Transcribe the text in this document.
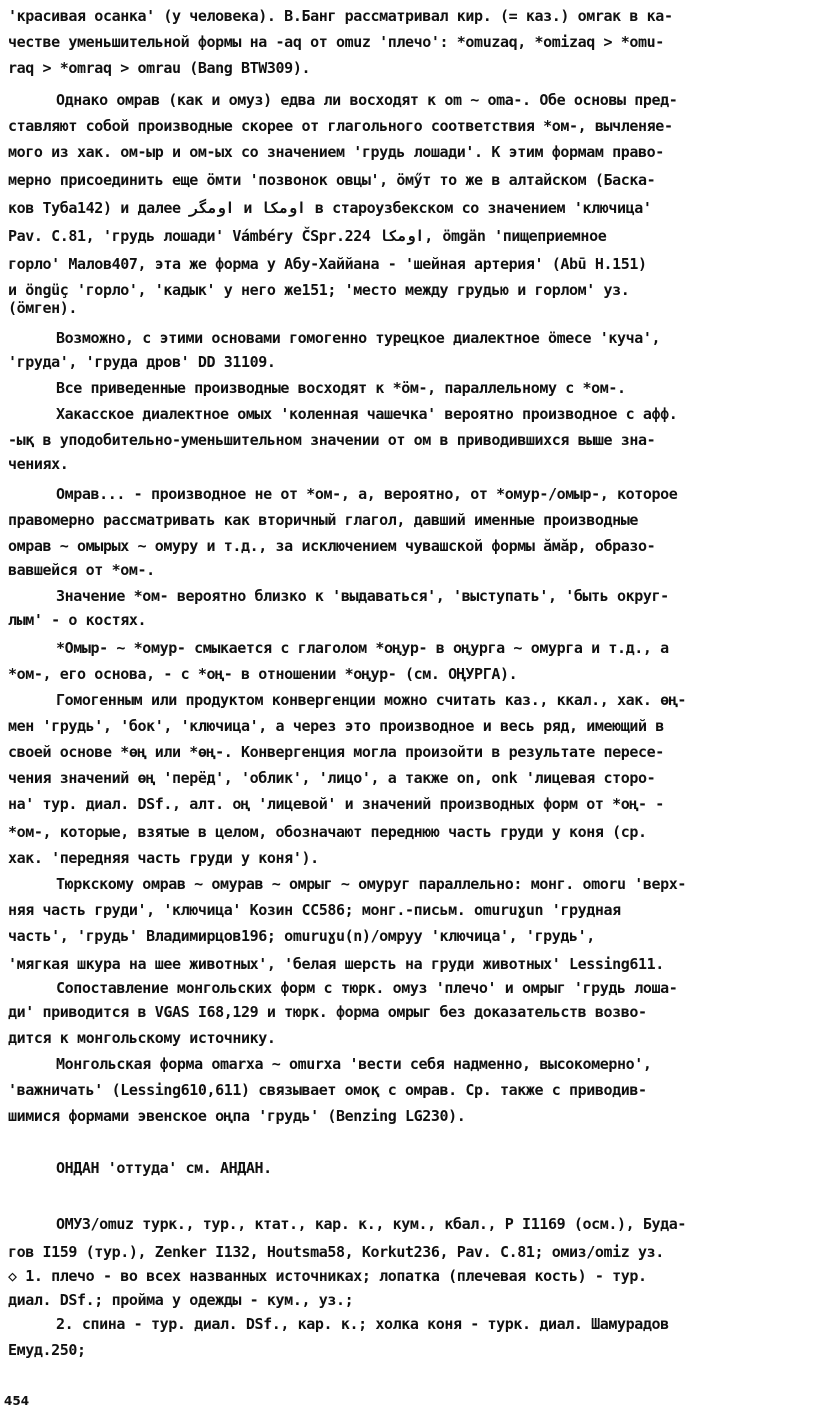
'красивая осанка' (у человека). В.Банг рассматривал кир. (= каз.) омrак в ка-
честве уменьшительной формы на -aq от omuz 'плечо': *omuzaq, *omizaq > *omu-
raq > *omraq > omrau (Bang BTW309).
Однако омрав (как и омуз) едва ли восходят к om ~ oma-. Обе основы пред-
ставляют собой производные скорее от глагольного соответствия *ом-, вычленяе-
мого из хак. ом-ыр и ом-ых со значением 'грудь лошади'. К этим формам право-
мерно присоединить еще ӧмти 'позвонок овцы', ӧмӳт то же в алтайском (Баска-
ков Туба142) и далее اومگر и اومکا в староузбекском со значением 'ключица'
Pav. C.81, 'грудь лошади' Vámbéry ČSpr.224 اومکا, ömgän 'пищеприемное
горло' Малов407, эта же форма у Абу-Хаййана - 'шейная артерия' (Abū H.151)
и öngüç 'горло', 'кадык' у него же151; 'место между грудью и горлом' уз.
(ӧмген).
Возможно, с этими основами гомогенно турецкое диалектное ömece 'куча',
'груда', 'груда дров' DD 31109.
Все приведенные производные восходят к *ӧм-, параллельному с *ом-.
Хакасское диалектное омых 'коленная чашечка' вероятно производное с афф.
-ық в уподобительно-уменьшительном значении от ом в приводившихся выше зна-
чениях.
Омрав... - производное не от *ом-, а, вероятно, от *омур-/омыр-, которое
правомерно рассматривать как вторичный глагол, давший именные производные
омрав ~ омырых ~ омуру и т.д., за исключением чувашской формы ӑмӑр, образо-
вавшейся от *ом-.
Значение *ом- вероятно близко к 'выдаваться', 'выступать', 'быть округ-
лым' - о костях.
*Омыр- ~ *омур- смыкается с глаголом *оңур- в оңурга ~ омурга и т.д., а
*ом-, его основа, - с *оң- в отношении *оңур- (см. ОҢУРГА).
Гомогенным или продуктом конвергенции можно считать каз., ккал., хак. өң-
мен 'грудь', 'бок', 'ключица', а через это производное и весь ряд, имеющий в
своей основе *өң или *өң-. Конвергенция могла произойти в результате пересе-
чения значений өң 'перёд', 'облик', 'лицо', а также on, onk 'лицевая сторо-
на' тур. диал. DSf., алт. оң 'лицевой' и значений производных форм от *оң- -
*ом-, которые, взятые в целом, обозначают переднюю часть груди у коня (ср.
хак. 'передняя часть груди у коня').
Тюркскому омрав ~ омурав ~ омрыг ~ омуруг параллельно: монг. omoru 'верх-
няя часть груди', 'ключица' Козин CC586; монг.-письм. omuruɣun 'грудная
часть', 'грудь' Владимирцов196; omuruɣu(n)/омруу 'ключица', 'грудь',
'мягкая шкура на шее животных', 'белая шерсть на груди животных' Lessing611.
Сопоставление монгольских форм с тюрк. омуз 'плечо' и омрыг 'грудь лоша-
ди' приводится в VGAS I68,129 и тюрк. форма омрыг без доказательств возво-
дится к монгольскому источнику.
Монгольская форма omarxa ~ omurxa 'вести себя надменно, высокомерно',
'важничать' (Lessing610,611) связывает омоқ с омрав. Ср. также с приводив-
шимися формами эвенское оңпа 'грудь' (Benzing LG230).
ОНДАН 'оттуда' см. АНДАН.
ОМУЗ/omuz турк., тур., ктат., кар. к., кум., кбал., P I1169 (осм.), Буда-
гов I159 (тур.), Zenker I132, Houtsma58, Korkut236, Pav. C.81; омиз/omiz уз.
◇ 1. плечо - во всех названных источниках; лопатка (плечевая кость) - тур.
диал. DSf.; пройма у одежды - кум., уз.;
2. спина - тур. диал. DSf., кар. к.; холка коня - турк. диал. Шамурадов
Емуд.250;
454
